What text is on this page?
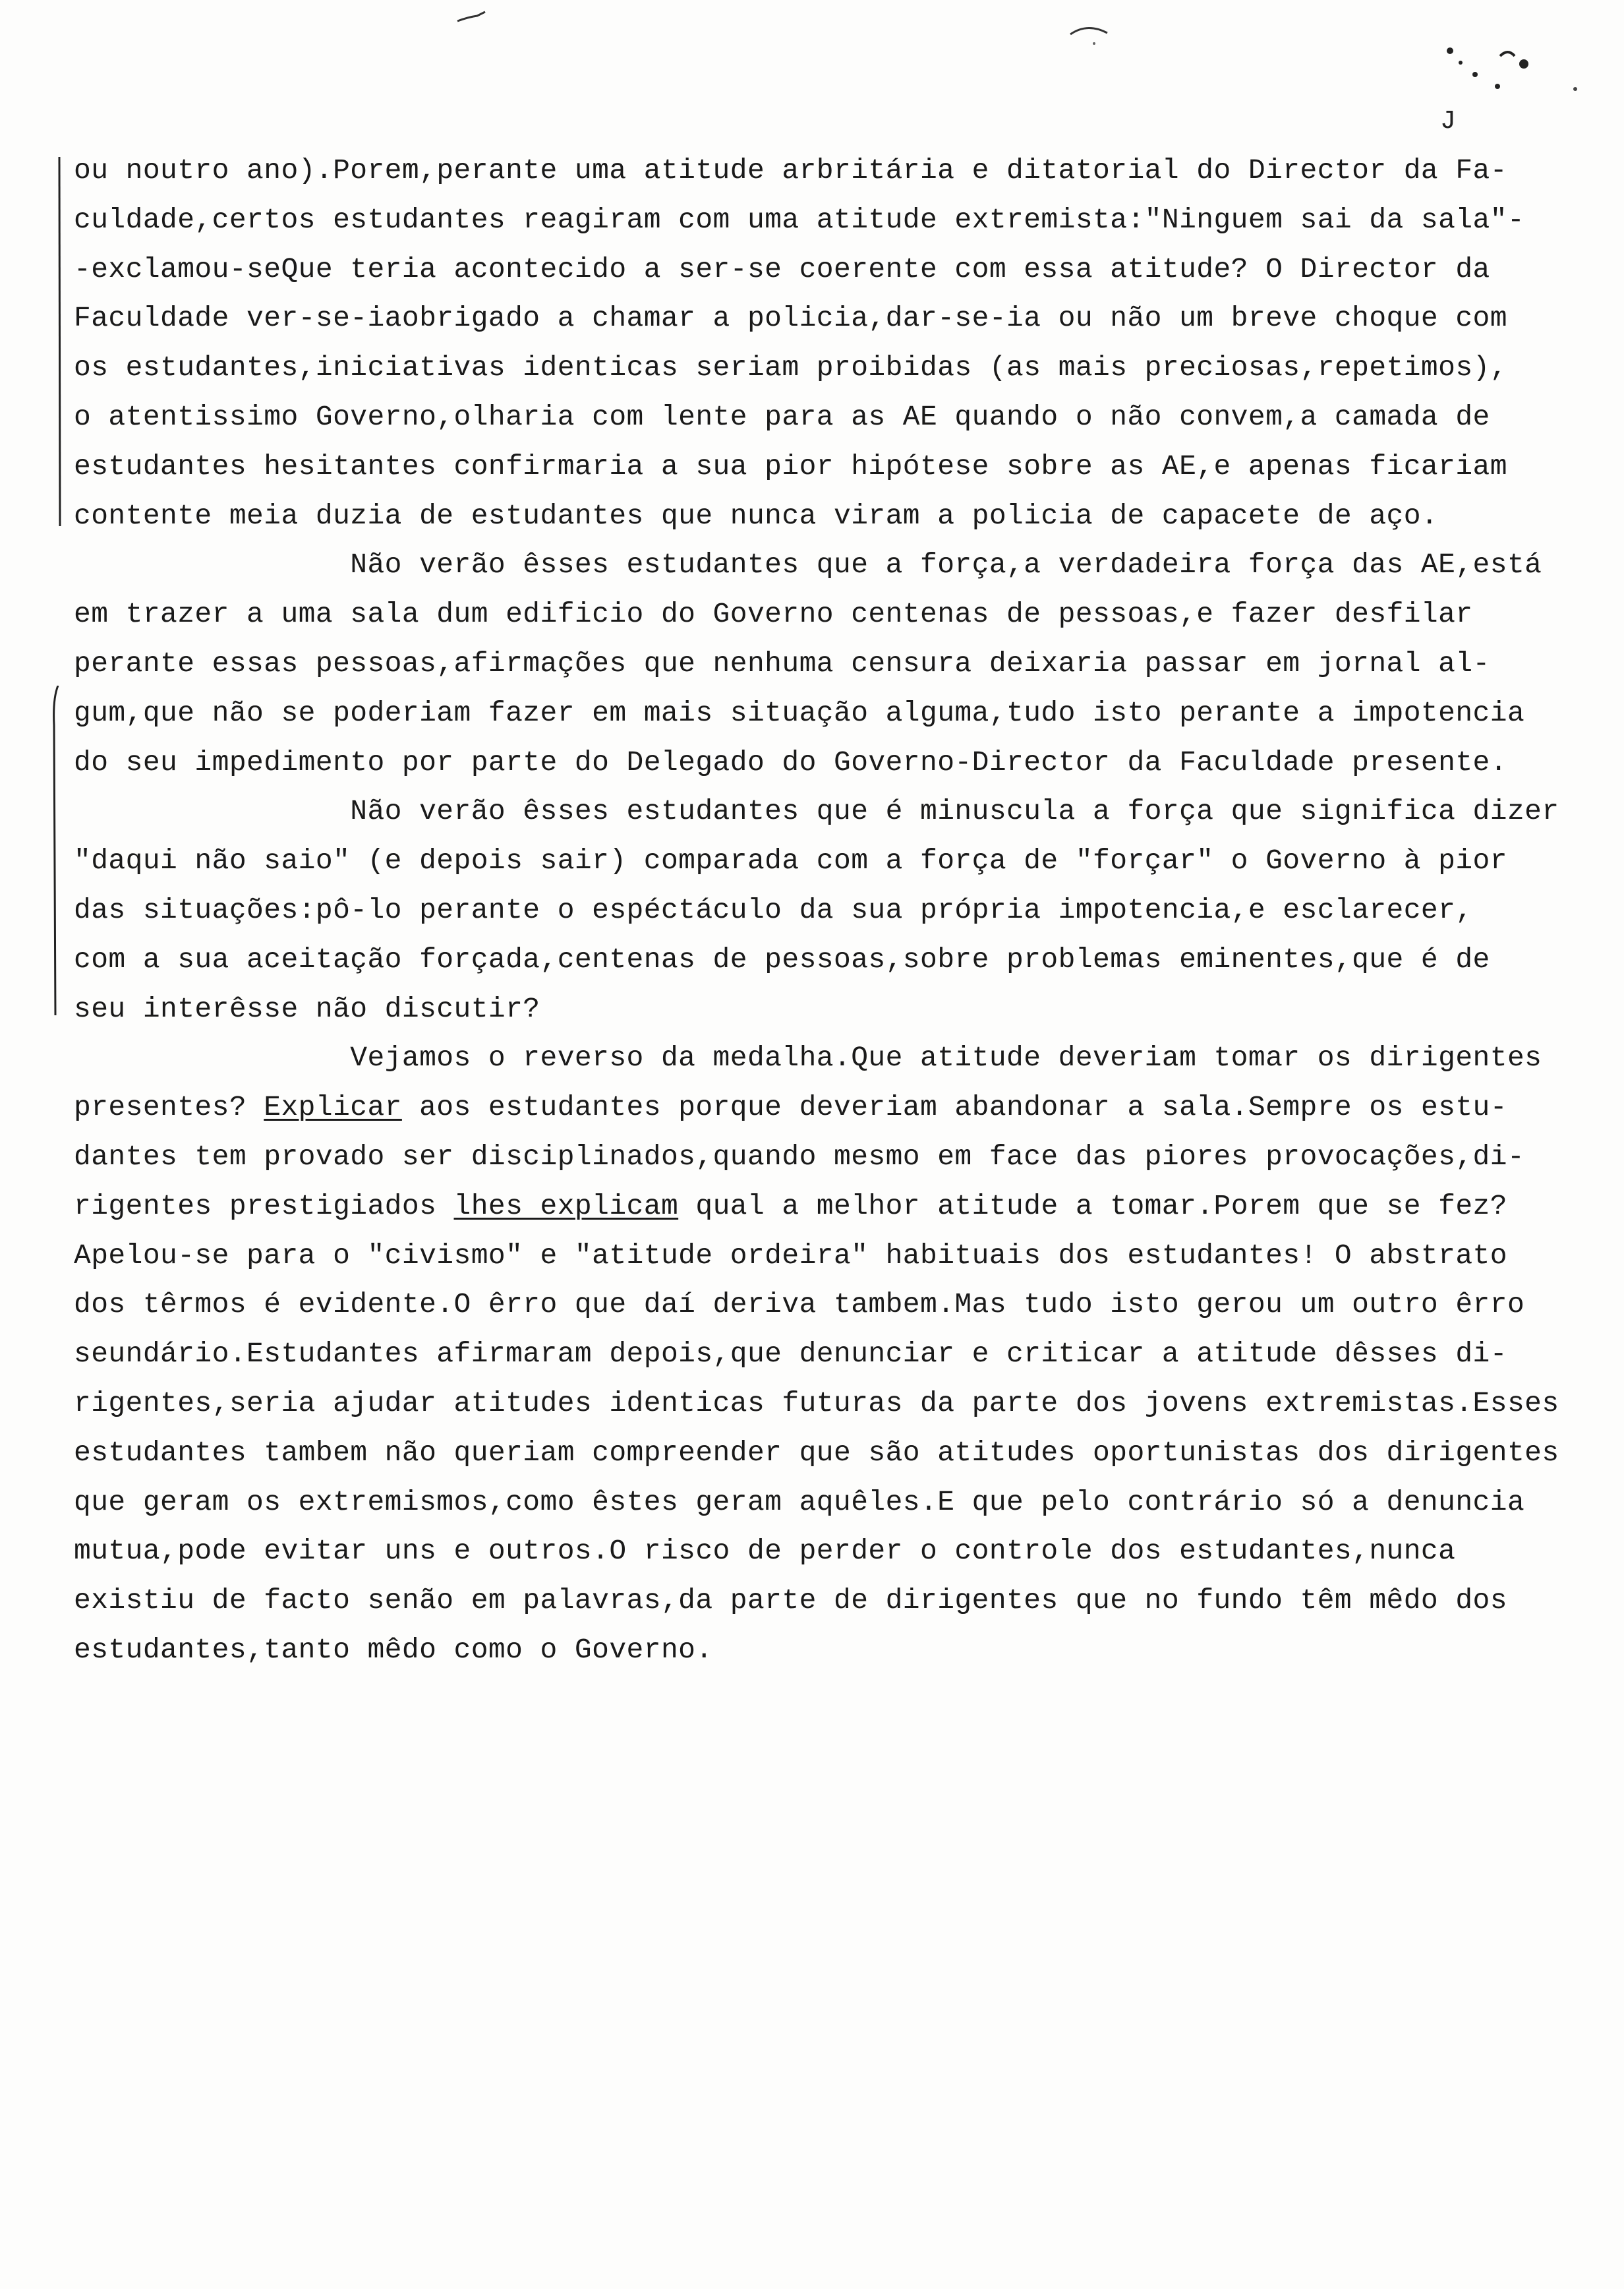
J
ou noutro ano).Porem,perante uma atitude arbritária e ditatorial do Director da Fa-
culdade,certos estudantes reagiram com uma atitude extremista:"Ninguem sai da sala"-
-exclamou-seQue teria acontecido a ser-se coerente com essa atitude? O Director da
Faculdade ver-se-iaobrigado a chamar a policia,dar-se-ia ou não um breve choque com
os estudantes,iniciativas identicas seriam proibidas (as mais preciosas,repetimos),
o atentissimo Governo,olharia com lente para as AE quando o não convem,a camada de
estudantes hesitantes confirmaria a sua pior hipótese sobre as AE,e apenas ficariam
contente meia duzia de estudantes que nunca viram a policia de capacete de aço.
Não verão êsses estudantes que a força,a verdadeira força das AE,está
em trazer a uma sala dum edificio do Governo centenas de pessoas,e fazer desfilar
perante essas pessoas,afirmações que nenhuma censura deixaria passar em jornal al-
gum,que não se poderiam fazer em mais situação alguma,tudo isto perante a impotencia
do seu impedimento por parte do Delegado do Governo-Director da Faculdade presente.
Não verão êsses estudantes que é minuscula a força que significa dizer
"daqui não saio" (e depois sair) comparada com a força de "forçar" o Governo à pior
das situações:pô-lo perante o espéctáculo da sua própria impotencia,e esclarecer,
com a sua aceitação forçada,centenas de pessoas,sobre problemas eminentes,que é de
seu interêsse não discutir?
Vejamos o reverso da medalha.Que atitude deveriam tomar os dirigentes
presentes? Explicar aos estudantes porque deveriam abandonar a sala.Sempre os estu-
dantes tem provado ser disciplinados,quando mesmo em face das piores provocações,di-
rigentes prestigiados lhes explicam qual a melhor atitude a tomar.Porem que se fez?
Apelou-se para o "civismo" e "atitude ordeira" habituais dos estudantes! O abstrato
dos têrmos é evidente.O êrro que daí deriva tambem.Mas tudo isto gerou um outro êrro
seundário.Estudantes afirmaram depois,que denunciar e criticar a atitude dêsses di-
rigentes,seria ajudar atitudes identicas futuras da parte dos jovens extremistas.Esses
estudantes tambem não queriam compreender que são atitudes oportunistas dos dirigentes
que geram os extremismos,como êstes geram aquêles.E que pelo contrário só a denuncia
mutua,pode evitar uns e outros.O risco de perder o controle dos estudantes,nunca
existiu de facto senão em palavras,da parte de dirigentes que no fundo têm mêdo dos
estudantes,tanto mêdo como o Governo.
